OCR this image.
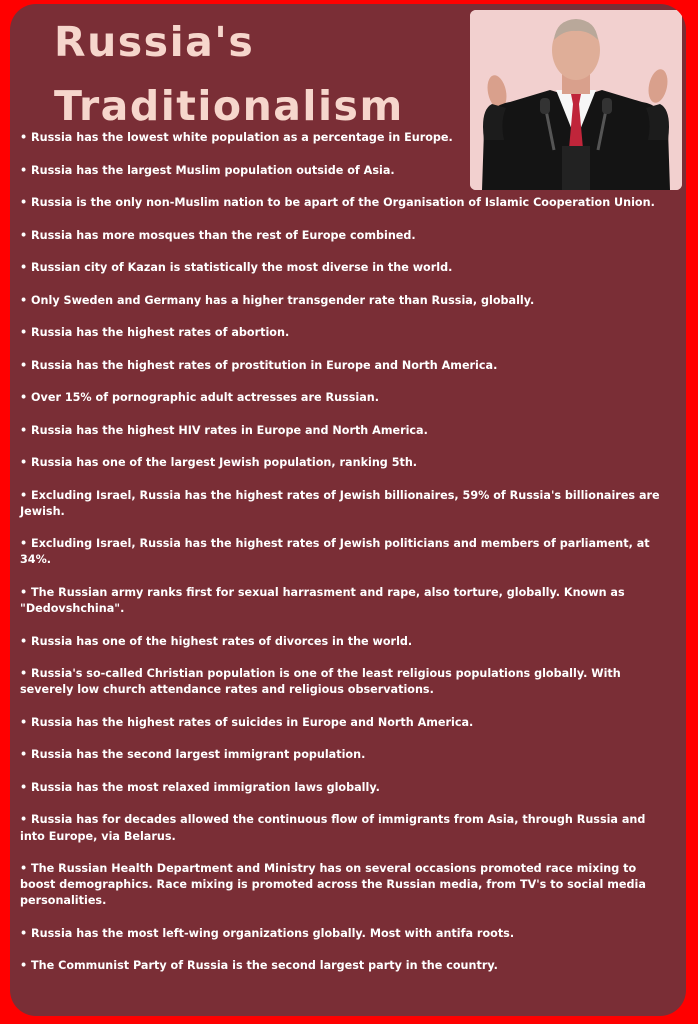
Russia's
Traditionalism
• Russia has the lowest white population as a percentage in Europe.
• Russia has the largest Muslim population outside of Asia.
• Russia is the only non-Muslim nation to be apart of the Organisation of Islamic Cooperation Union.
• Russia has more mosques than the rest of Europe combined.
• Russian city of Kazan is statistically the most diverse in the world.
• Only Sweden and Germany has a higher transgender rate than Russia, globally.
• Russia has the highest rates of abortion.
• Russia has the highest rates of prostitution in Europe and North America.
• Over 15% of pornographic adult actresses are Russian.
• Russia has the highest HIV rates in Europe and North America.
• Russia has one of the largest Jewish population, ranking 5th.
• Excluding Israel, Russia has the highest rates of Jewish billionaires, 59% of Russia's billionaires are Jewish.
• Excluding Israel, Russia has the highest rates of Jewish politicians and members of parliament, at 34%.
• The Russian army ranks first for sexual harrasment and rape, also torture, globally. Known as "Dedovshchina".
• Russia has one of the highest rates of divorces in the world.
• Russia's so-called Christian population is one of the least religious populations globally. With severely low church attendance rates and religious observations.
• Russia has the highest rates of suicides in Europe and North America.
• Russia has the second largest immigrant population.
• Russia has the most relaxed immigration laws globally.
• Russia has for decades allowed the continuous flow of immigrants from Asia, through Russia and into Europe, via Belarus.
• The Russian Health Department and Ministry has on several occasions promoted race mixing to boost demographics. Race mixing is promoted across the Russian media, from TV's to social media personalities.
• Russia has the most left-wing organizations globally. Most with antifa roots.
• The Communist Party of Russia is the second largest party in the country.
